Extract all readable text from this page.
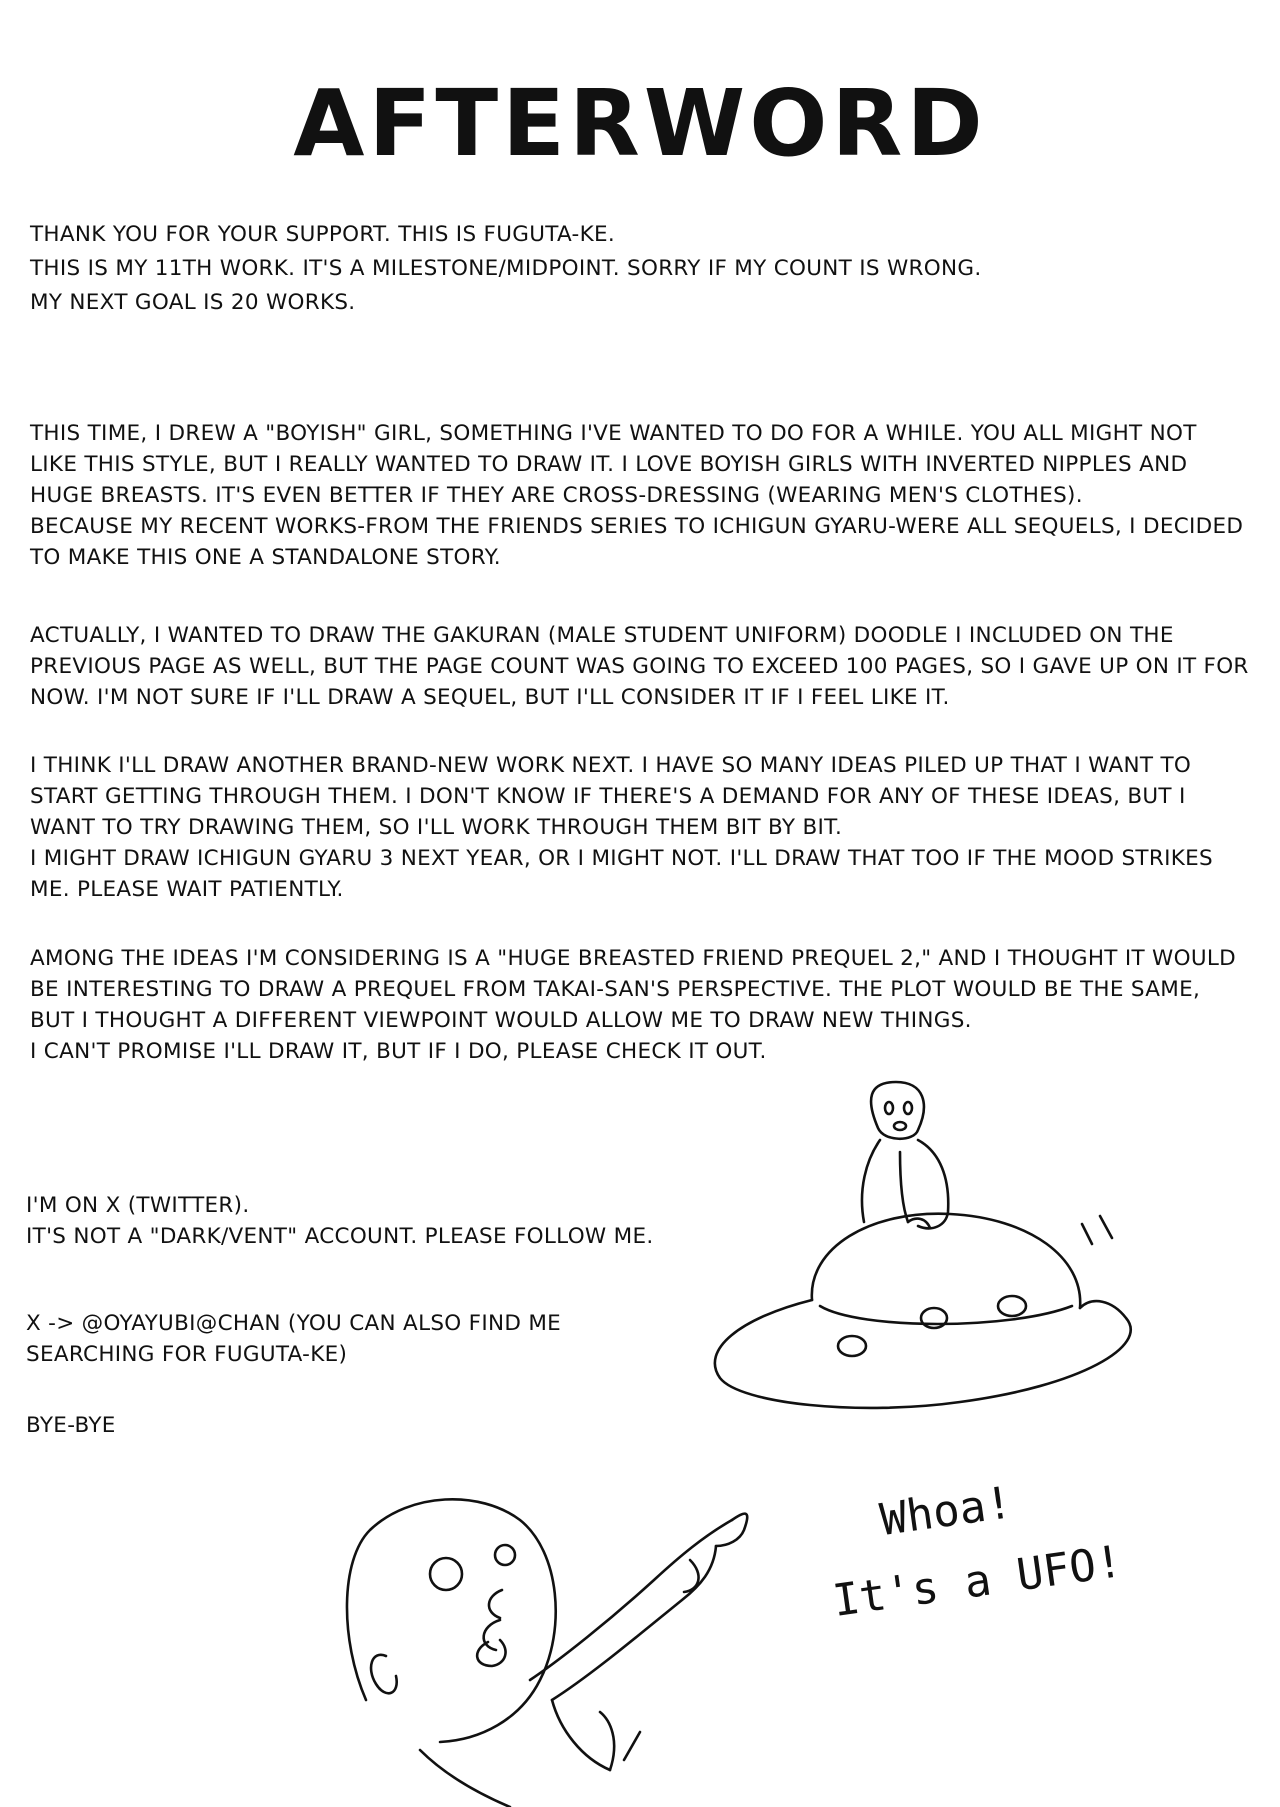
AFTERWORD
THANK YOU FOR YOUR SUPPORT. THIS IS FUGUTA-KE.
THIS IS MY 11TH WORK. IT'S A MILESTONE/MIDPOINT. SORRY IF MY COUNT IS WRONG.
MY NEXT GOAL IS 20 WORKS.
THIS TIME, I DREW A "BOYISH" GIRL, SOMETHING I'VE WANTED TO DO FOR A WHILE. YOU ALL MIGHT NOT LIKE THIS STYLE, BUT I REALLY WANTED TO DRAW IT. I LOVE BOYISH GIRLS WITH INVERTED NIPPLES AND HUGE BREASTS. IT'S EVEN BETTER IF THEY ARE CROSS-DRESSING (WEARING MEN'S CLOTHES).
BECAUSE MY RECENT WORKS-FROM THE FRIENDS SERIES TO ICHIGUN GYARU-WERE ALL SEQUELS, I DECIDED TO MAKE THIS ONE A STANDALONE STORY.
ACTUALLY, I WANTED TO DRAW THE GAKURAN (MALE STUDENT UNIFORM) DOODLE I INCLUDED ON THE PREVIOUS PAGE AS WELL, BUT THE PAGE COUNT WAS GOING TO EXCEED 100 PAGES, SO I GAVE UP ON IT FOR NOW. I'M NOT SURE IF I'LL DRAW A SEQUEL, BUT I'LL CONSIDER IT IF I FEEL LIKE IT.
I THINK I'LL DRAW ANOTHER BRAND-NEW WORK NEXT. I HAVE SO MANY IDEAS PILED UP THAT I WANT TO START GETTING THROUGH THEM. I DON'T KNOW IF THERE'S A DEMAND FOR ANY OF THESE IDEAS, BUT I WANT TO TRY DRAWING THEM, SO I'LL WORK THROUGH THEM BIT BY BIT.
I MIGHT DRAW ICHIGUN GYARU 3 NEXT YEAR, OR I MIGHT NOT. I'LL DRAW THAT TOO IF THE MOOD STRIKES ME. PLEASE WAIT PATIENTLY.
AMONG THE IDEAS I'M CONSIDERING IS A "HUGE BREASTED FRIEND PREQUEL 2," AND I THOUGHT IT WOULD BE INTERESTING TO DRAW A PREQUEL FROM TAKAI-SAN'S PERSPECTIVE. THE PLOT WOULD BE THE SAME, BUT I THOUGHT A DIFFERENT VIEWPOINT WOULD ALLOW ME TO DRAW NEW THINGS.
I CAN'T PROMISE I'LL DRAW IT, BUT IF I DO, PLEASE CHECK IT OUT.
I'M ON X (TWITTER).
IT'S NOT A "DARK/VENT" ACCOUNT. PLEASE FOLLOW ME.
X -> @OYAYUBI@CHAN (YOU CAN ALSO FIND ME
SEARCHING FOR FUGUTA-KE)
BYE-BYE
Whoa!
It's a UFO!
